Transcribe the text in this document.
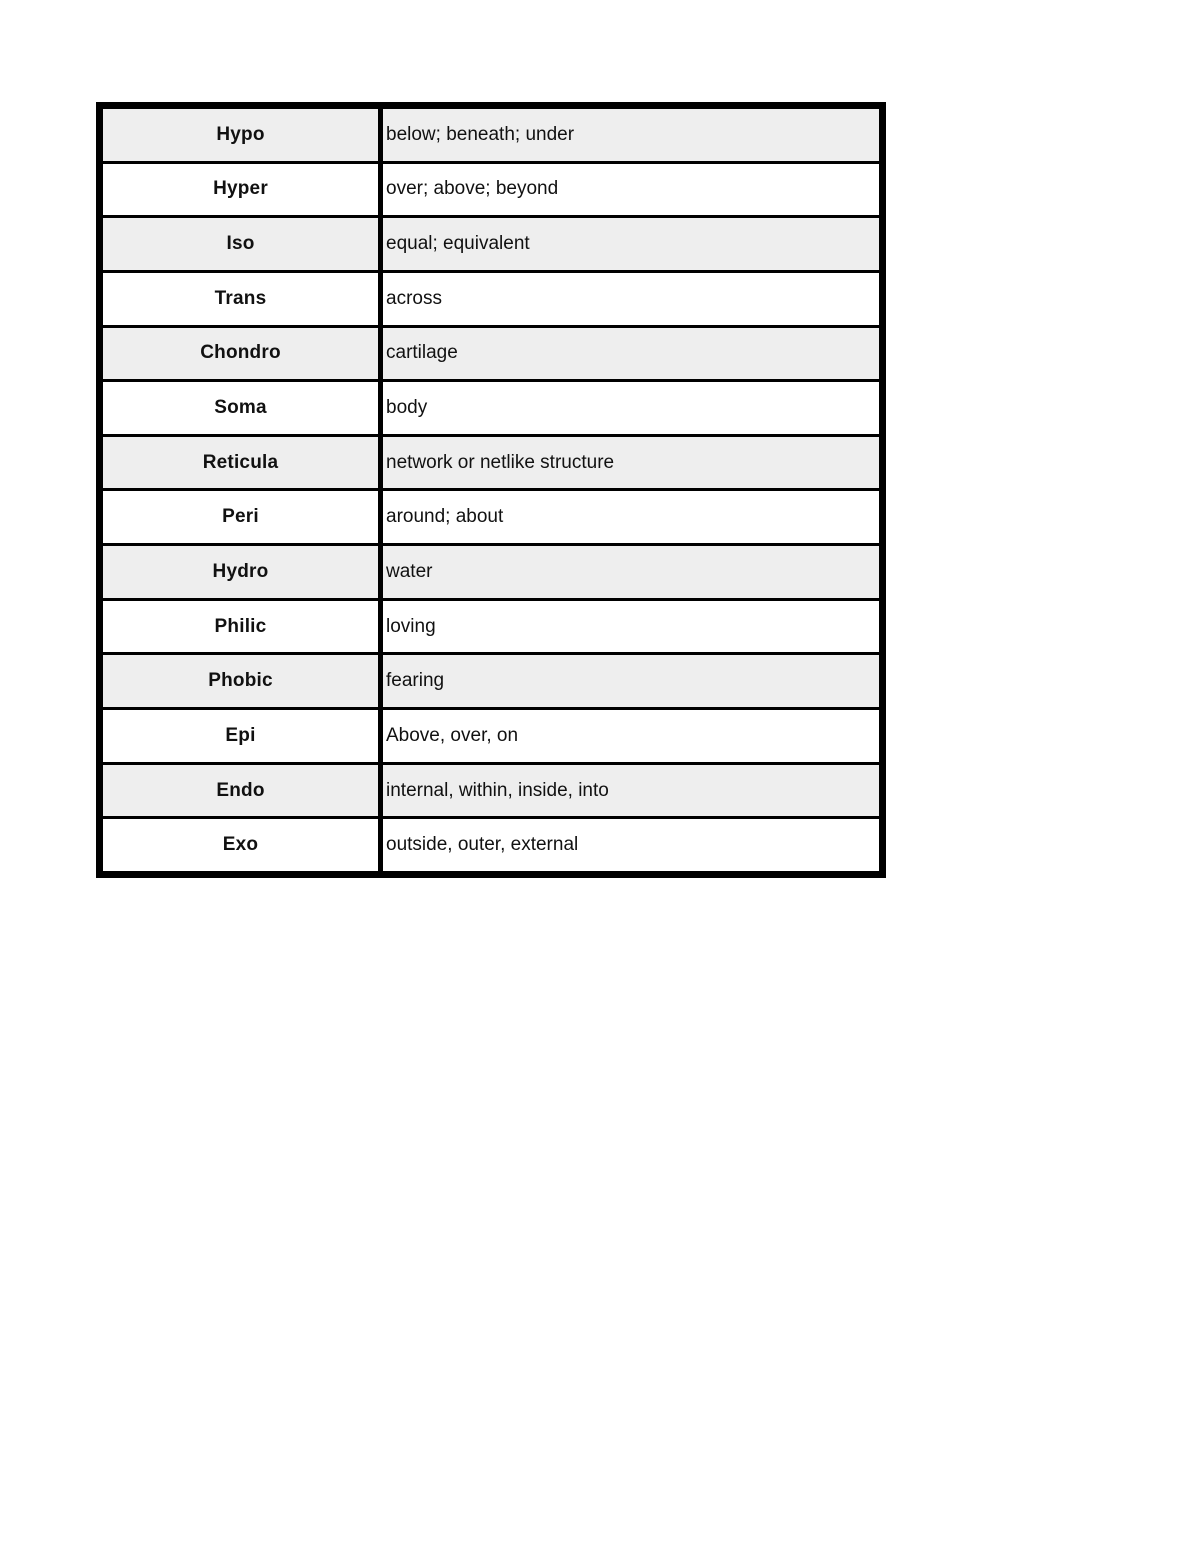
Hypo	below; beneath; under
Hyper	over; above; beyond
Iso	equal; equivalent
Trans	across
Chondro	cartilage
Soma	body
Reticula	network or netlike structure
Peri	around; about
Hydro	water
Philic	loving
Phobic	fearing
Epi	Above, over, on
Endo	internal, within, inside, into
Exo	outside, outer, external
